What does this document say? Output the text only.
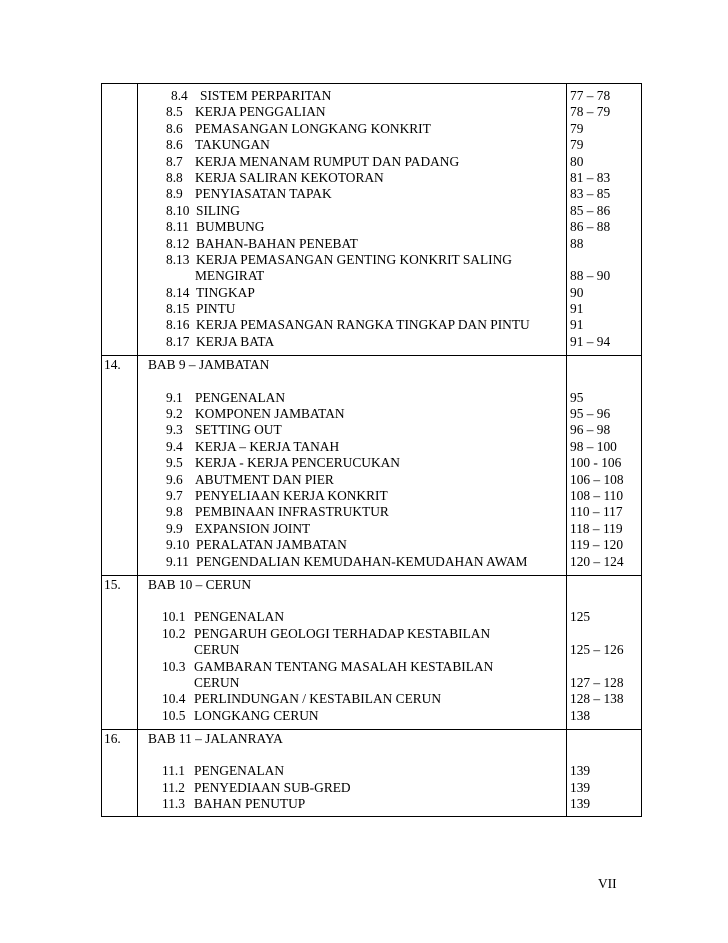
8.4 SISTEM PERPARITAN	77 – 78
8.5 KERJA PENGGALIAN	78 – 79
8.6 PEMASANGAN LONGKANG KONKRIT	79
8.6 TAKUNGAN	79
8.7 KERJA MENANAM RUMPUT DAN PADANG	80
8.8 KERJA SALIRAN KEKOTORAN	81 – 83
8.9 PENYIASATAN TAPAK	83 – 85
8.10 SILING	85 – 86
8.11 BUMBUNG	86 – 88
8.12 BAHAN-BAHAN PENEBAT	88
8.13 KERJA PEMASANGAN GENTING KONKRIT SALING
MENGIRAT	88 – 90
8.14 TINGKAP	90
8.15 PINTU	91
8.16 KERJA PEMASANGAN RANGKA TINGKAP DAN PINTU	91
8.17 KERJA BATA	91 – 94
14.	BAB 9 – JAMBATAN
9.1 PENGENALAN	95
9.2 KOMPONEN JAMBATAN	95 – 96
9.3 SETTING OUT	96 – 98
9.4 KERJA – KERJA TANAH	98 – 100
9.5 KERJA - KERJA PENCERUCUKAN	100 - 106
9.6 ABUTMENT DAN PIER	106 – 108
9.7 PENYELIAAN KERJA KONKRIT	108 – 110
9.8 PEMBINAAN INFRASTRUKTUR	110 – 117
9.9 EXPANSION JOINT	118 – 119
9.10 PERALATAN JAMBATAN	119 – 120
9.11 PENGENDALIAN KEMUDAHAN-KEMUDAHAN AWAM	120 – 124
15.	BAB 10 – CERUN
10.1 PENGENALAN	125
10.2 PENGARUH GEOLOGI TERHADAP KESTABILAN
CERUN	125 – 126
10.3 GAMBARAN TENTANG MASALAH KESTABILAN
CERUN	127 – 128
10.4 PERLINDUNGAN / KESTABILAN CERUN	128 – 138
10.5 LONGKANG CERUN	138
16.	BAB 11 – JALANRAYA
11.1 PENGENALAN	139
11.2 PENYEDIAAN SUB-GRED	139
11.3 BAHAN PENUTUP	139
VII
